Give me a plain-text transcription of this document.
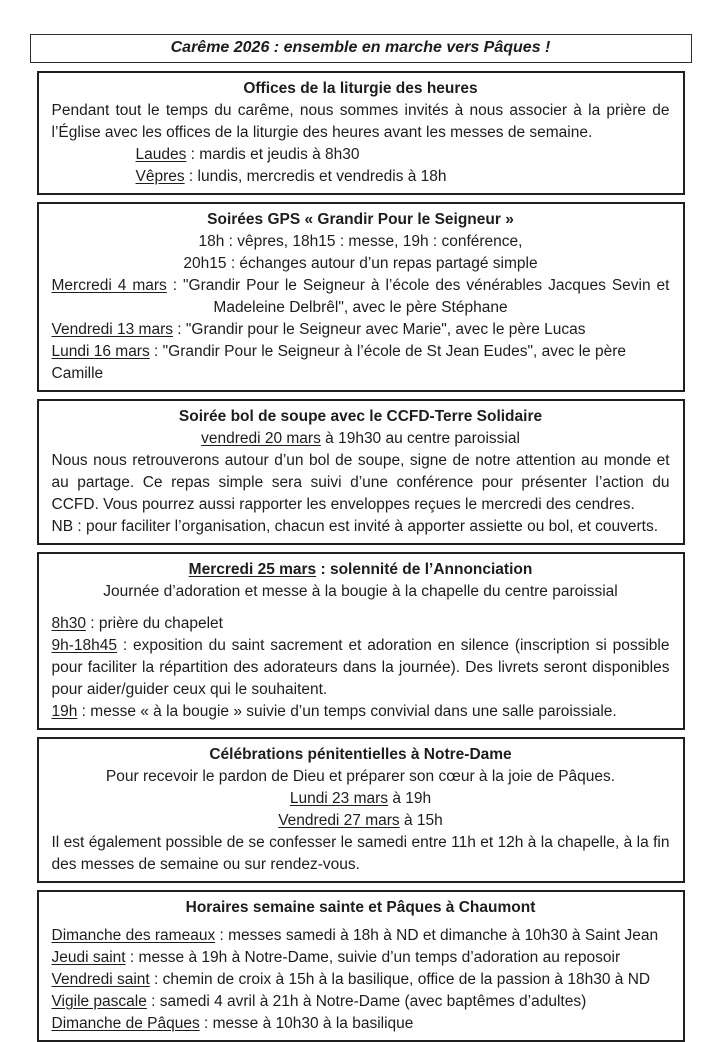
Carême 2026 : ensemble en marche vers Pâques !
Offices de la liturgie des heures

Pendant tout le temps du carême, nous sommes invités à nous associer à la prière de l’Église avec les offices de la liturgie des heures avant les messes de semaine.

Laudes : mardis et jeudis à 8h30

Vêpres : lundis, mercredis et vendredis à 18h

Soirées GPS « Grandir Pour le Seigneur »

18h : vêpres, 18h15 : messe, 19h : conférence,

20h15 : échanges autour d’un repas partagé simple

Mercredi 4 mars : "Grandir Pour le Seigneur à l’école des vénérables Jacques Sevin et Madeleine Delbrêl", avec le père Stéphane

Vendredi 13 mars : "Grandir pour le Seigneur avec Marie", avec le père Lucas

Lundi 16 mars : "Grandir Pour le Seigneur à l’école de St Jean Eudes", avec le père Camille

Soirée bol de soupe avec le CCFD-Terre Solidaire

vendredi 20 mars à 19h30 au centre paroissial

Nous nous retrouverons autour d’un bol de soupe, signe de notre attention au monde et au partage. Ce repas simple sera suivi d’une conférence pour présenter l’action du CCFD. Vous pourrez aussi rapporter les enveloppes reçues le mercredi des cendres.

NB : pour faciliter l’organisation, chacun est invité à apporter assiette ou bol, et couverts.

Mercredi 25 mars : solennité de l’Annonciation

Journée d’adoration et messe à la bougie à la chapelle du centre paroissial

8h30 : prière du chapelet

9h-18h45 : exposition du saint sacrement et adoration en silence (inscription si possible pour faciliter la répartition des adorateurs dans la journée). Des livrets seront disponibles pour aider/guider ceux qui le souhaitent.

19h : messe « à la bougie » suivie d’un temps convivial dans une salle paroissiale.

Célébrations pénitentielles à Notre-Dame

Pour recevoir le pardon de Dieu et préparer son cœur à la joie de Pâques.

Lundi 23 mars à 19h

Vendredi 27 mars à 15h

Il est également possible de se confesser le samedi entre 11h et 12h à la chapelle, à la fin des messes de semaine ou sur rendez-vous.

Horaires semaine sainte et Pâques à Chaumont

Dimanche des rameaux : messes samedi à 18h à ND et dimanche à 10h30 à Saint Jean

Jeudi saint : messe à 19h à Notre-Dame, suivie d’un temps d’adoration au reposoir

Vendredi saint : chemin de croix à 15h à la basilique, office de la passion à 18h30 à ND

Vigile pascale : samedi 4 avril à 21h à Notre-Dame (avec baptêmes d’adultes)

Dimanche de Pâques : messe à 10h30 à la basilique
